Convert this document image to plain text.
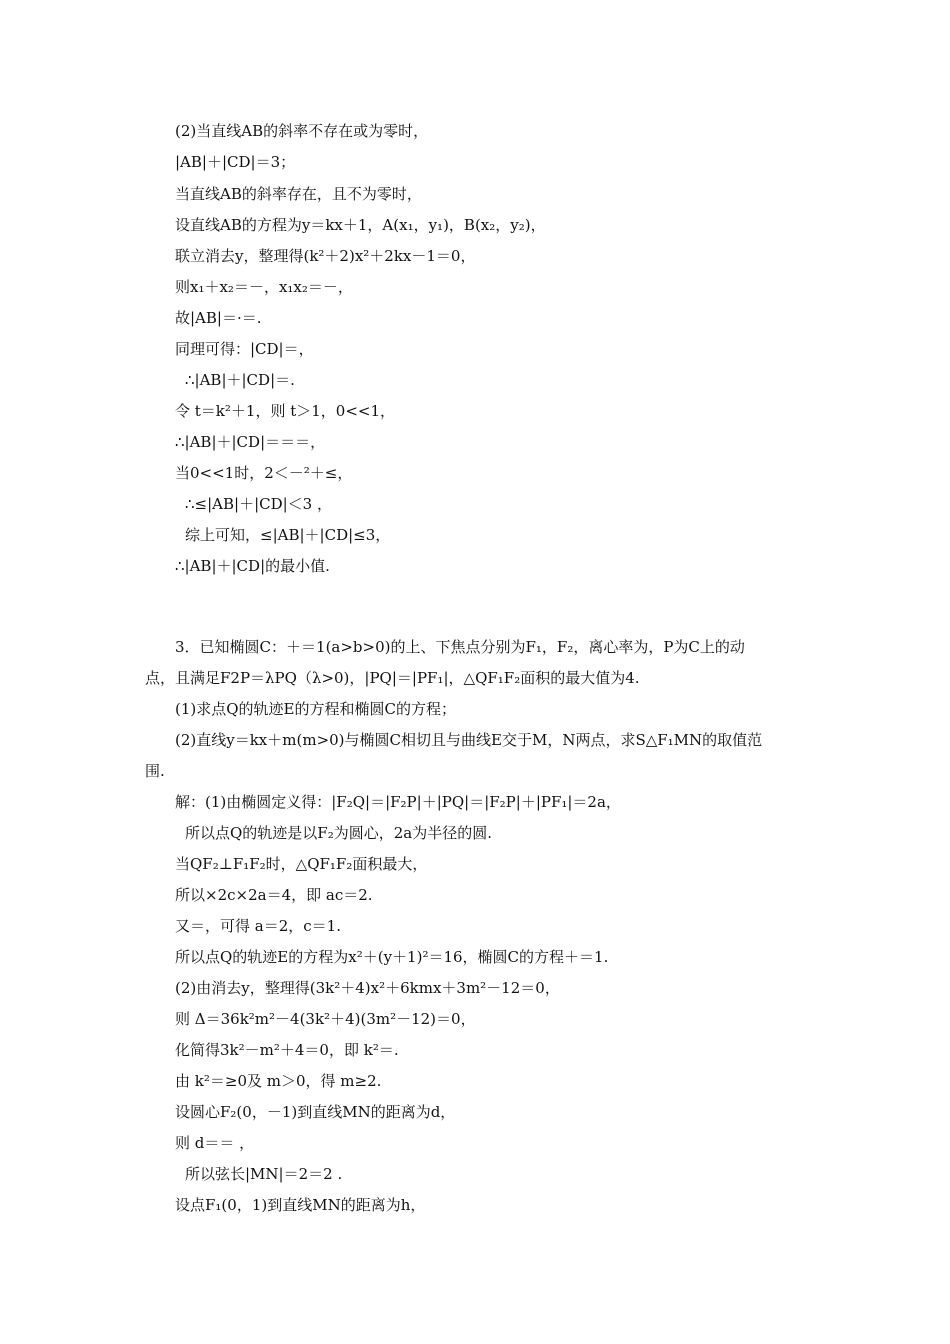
(2)当直线AB的斜率不存在或为零时，
|AB|＋|CD|＝3；
当直线AB的斜率存在，且不为零时，
设直线AB的方程为y＝kx＋1，A(x₁，y₁)，B(x₂，y₂)，
联立消去y，整理得(k²＋2)x²＋2kx－1＝0，
则x₁＋x₂＝－，x₁x₂＝－，
故|AB|＝·＝.
同理可得：|CD|＝，
∴|AB|＋|CD|＝.
令 t＝k²＋1，则 t＞1，0<<1，
∴|AB|＋|CD|＝＝＝，
当0<<1时，2＜－²＋≤，
∴≤|AB|＋|CD|＜3 ，
综上可知，≤|AB|＋|CD|≤3，
∴|AB|＋|CD|的最小值.
3．已知椭圆C：＋＝1(a>b>0)的上、下焦点分别为F₁，F₂，离心率为，P为C上的动
点，且满足F2P＝λPQ（λ>0)，|PQ|＝|PF₁|，△QF₁F₂面积的最大值为4.
(1)求点Q的轨迹E的方程和椭圆C的方程；
(2)直线y＝kx＋m(m>0)与椭圆C相切且与曲线E交于M，N两点，求S△F₁MN的取值范
围.
解：(1)由椭圆定义得：|F₂Q|＝|F₂P|＋|PQ|＝|F₂P|＋|PF₁|＝2a，
所以点Q的轨迹是以F₂为圆心，2a为半径的圆.
当QF₂⊥F₁F₂时，△QF₁F₂面积最大，
所以×2c×2a＝4，即 ac＝2.
又＝，可得 a＝2，c＝1.
所以点Q的轨迹E的方程为x²＋(y＋1)²＝16，椭圆C的方程＋＝1.
(2)由消去y，整理得(3k²＋4)x²＋6kmx＋3m²－12＝0，
则 Δ＝36k²m²－4(3k²＋4)(3m²－12)＝0，
化简得3k²－m²＋4＝0，即 k²＝.
由 k²＝≥0及 m＞0，得 m≥2.
设圆心F₂(0，－1)到直线MN的距离为d，
则 d＝＝ ，
所以弦长|MN|＝2＝2 .
设点F₁(0，1)到直线MN的距离为h，
